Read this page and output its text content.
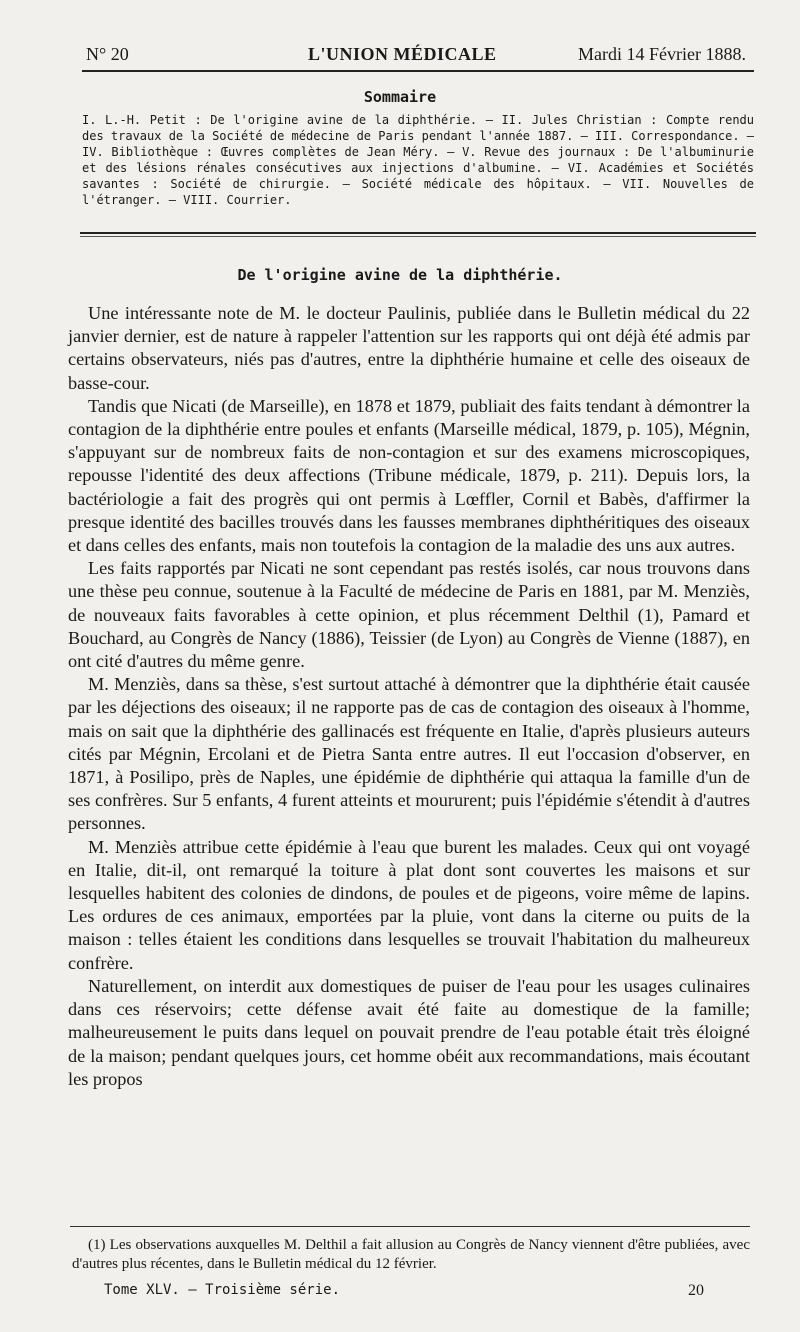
N° 20	L'UNION MÉDICALE	Mardi 14 Février 1888.
Sommaire
I. L.-H. Petit : De l'origine avine de la diphthérie. — II. Jules Christian : Compte rendu des travaux de la Société de médecine de Paris pendant l'année 1887. — III. Correspondance. — IV. Bibliothèque : Œuvres complètes de Jean Méry. — V. Revue des journaux : De l'albuminurie et des lésions rénales consécutives aux injections d'albumine. — VI. Académies et Sociétés savantes : Société de chirurgie. — Société médicale des hôpitaux. — VII. Nouvelles de l'étranger. — VIII. Courrier.
De l'origine avine de la diphthérie.

Une intéressante note de M. le docteur Paulinis, publiée dans le Bulletin médical du 22 janvier dernier, est de nature à rappeler l'attention sur les rapports qui ont déjà été admis par certains observateurs, niés pas d'autres, entre la diphthérie humaine et celle des oiseaux de basse-cour.

Tandis que Nicati (de Marseille), en 1878 et 1879, publiait des faits tendant à démontrer la contagion de la diphthérie entre poules et enfants (Marseille médical, 1879, p. 105), Mégnin, s'appuyant sur de nombreux faits de non-contagion et sur des examens microscopiques, repousse l'identité des deux affections (Tribune médicale, 1879, p. 211). Depuis lors, la bactériologie a fait des progrès qui ont permis à Lœffler, Cornil et Babès, d'affirmer la presque identité des bacilles trouvés dans les fausses membranes diphthéritiques des oiseaux et dans celles des enfants, mais non toutefois la contagion de la maladie des uns aux autres.

Les faits rapportés par Nicati ne sont cependant pas restés isolés, car nous trouvons dans une thèse peu connue, soutenue à la Faculté de médecine de Paris en 1881, par M. Menziès, de nouveaux faits favorables à cette opinion, et plus récemment Delthil (1), Pamard et Bouchard, au Congrès de Nancy (1886), Teissier (de Lyon) au Congrès de Vienne (1887), en ont cité d'autres du même genre.

M. Menziès, dans sa thèse, s'est surtout attaché à démontrer que la diphthérie était causée par les déjections des oiseaux; il ne rapporte pas de cas de contagion des oiseaux à l'homme, mais on sait que la diphthérie des gallinacés est fréquente en Italie, d'après plusieurs auteurs cités par Mégnin, Ercolani et de Pietra Santa entre autres. Il eut l'occasion d'observer, en 1871, à Posilipo, près de Naples, une épidémie de diphthérie qui attaqua la famille d'un de ses confrères. Sur 5 enfants, 4 furent atteints et moururent; puis l'épidémie s'étendit à d'autres personnes.

M. Menziès attribue cette épidémie à l'eau que burent les malades. Ceux qui ont voyagé en Italie, dit-il, ont remarqué la toiture à plat dont sont couvertes les maisons et sur lesquelles habitent des colonies de dindons, de poules et de pigeons, voire même de lapins. Les ordures de ces animaux, emportées par la pluie, vont dans la citerne ou puits de la maison : telles étaient les conditions dans lesquelles se trouvait l'habitation du malheureux confrère.

Naturellement, on interdit aux domestiques de puiser de l'eau pour les usages culinaires dans ces réservoirs; cette défense avait été faite au domestique de la famille; malheureusement le puits dans lequel on pouvait prendre de l'eau potable était très éloigné de la maison; pendant quelques jours, cet homme obéit aux recommandations, mais écoutant les propos

(1) Les observations auxquelles M. Delthil a fait allusion au Congrès de Nancy viennent d'être publiées, avec d'autres plus récentes, dans le Bulletin médical du 12 février.

Tome XLV. — Troisième série.	20
